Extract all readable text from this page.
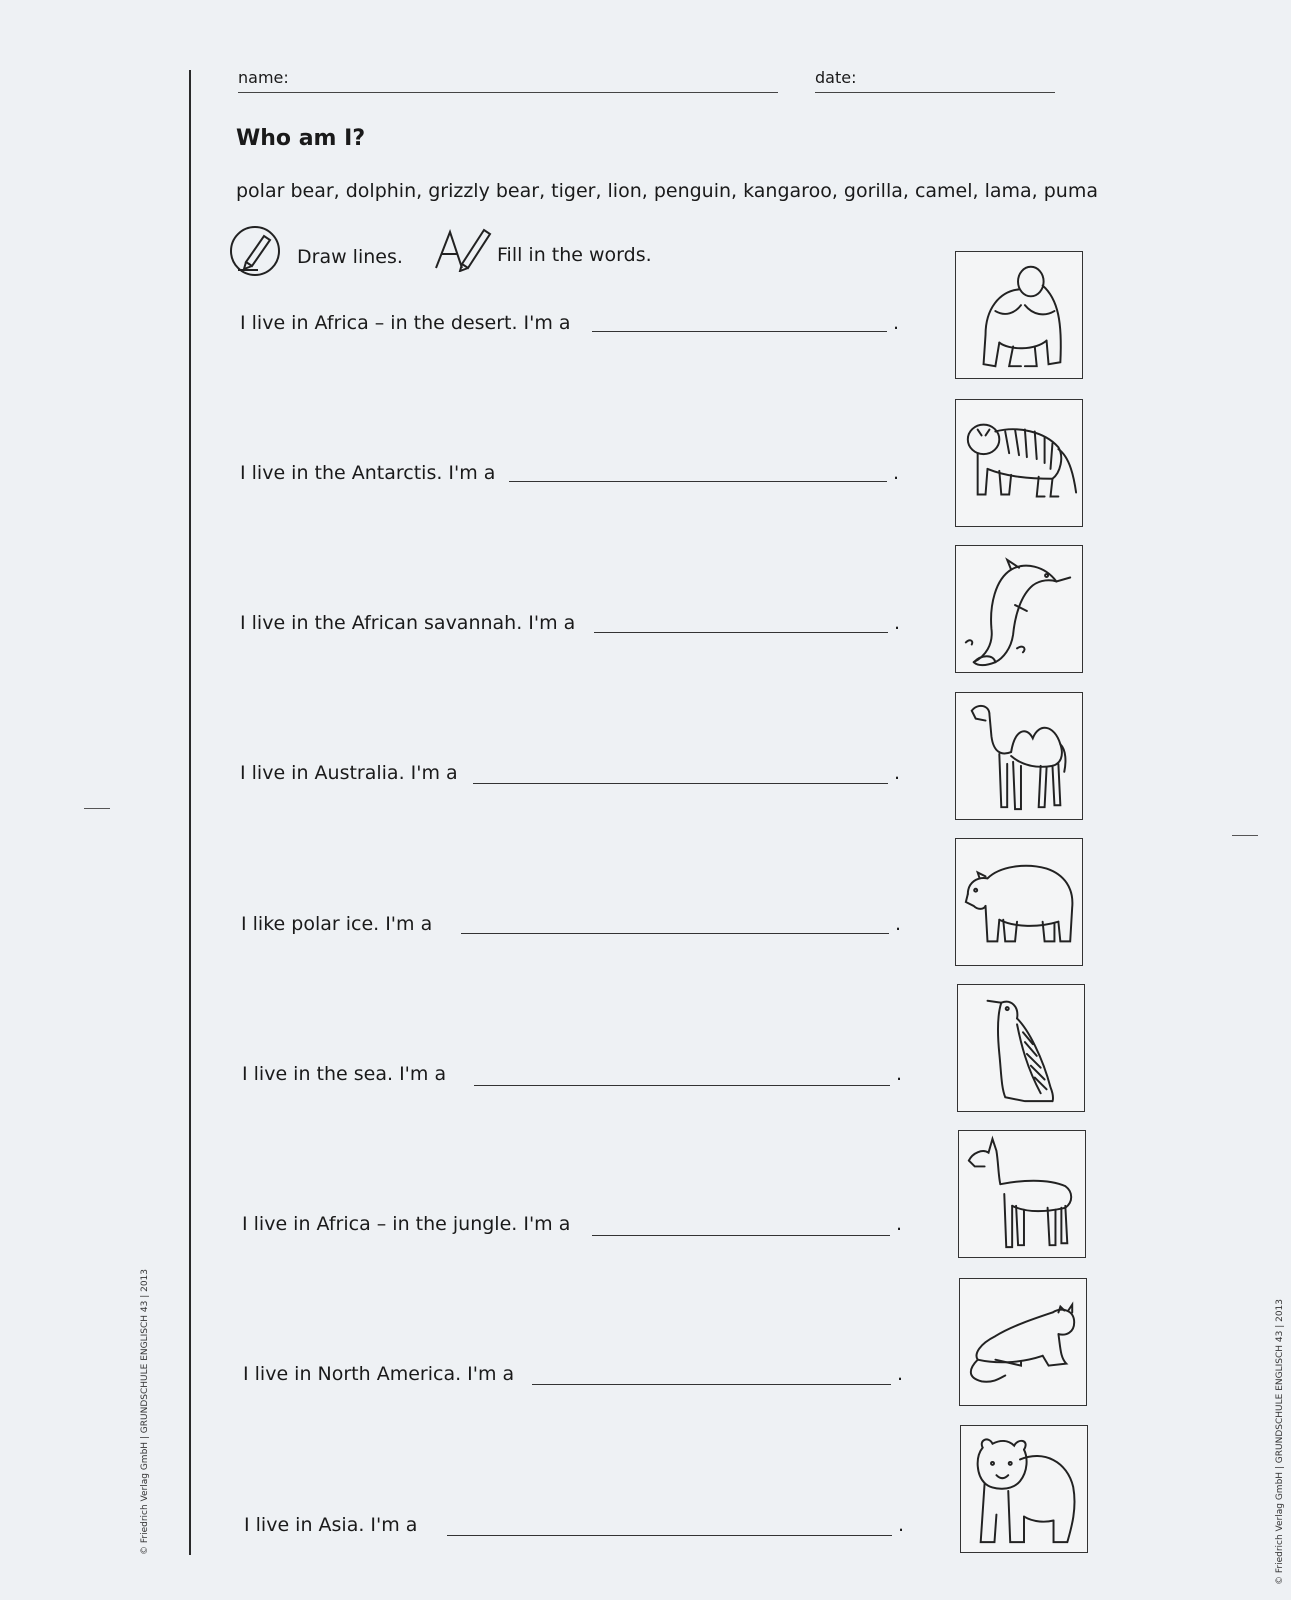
name:	date:
Who am I?
polar bear, dolphin, grizzly bear, tiger, lion, penguin, kangaroo, gorilla, camel, lama, puma
Draw lines.	Fill in the words.
I live in Africa – in the desert. I'm a	.
I live in the Antarctis. I'm a	.
I live in the African savannah. I'm a	.
I live in Australia. I'm a	.
I like polar ice. I'm a	.
I live in the sea. I'm a	.
I live in Africa – in the jungle. I'm a	.
I live in North America. I'm a	.
I live in Asia. I'm a	.
© Friedrich Verlag GmbH | GRUNDSCHULE ENGLISCH 43 | 2013	© Friedrich Verlag GmbH | GRUNDSCHULE ENGLISCH 43 | 2013
